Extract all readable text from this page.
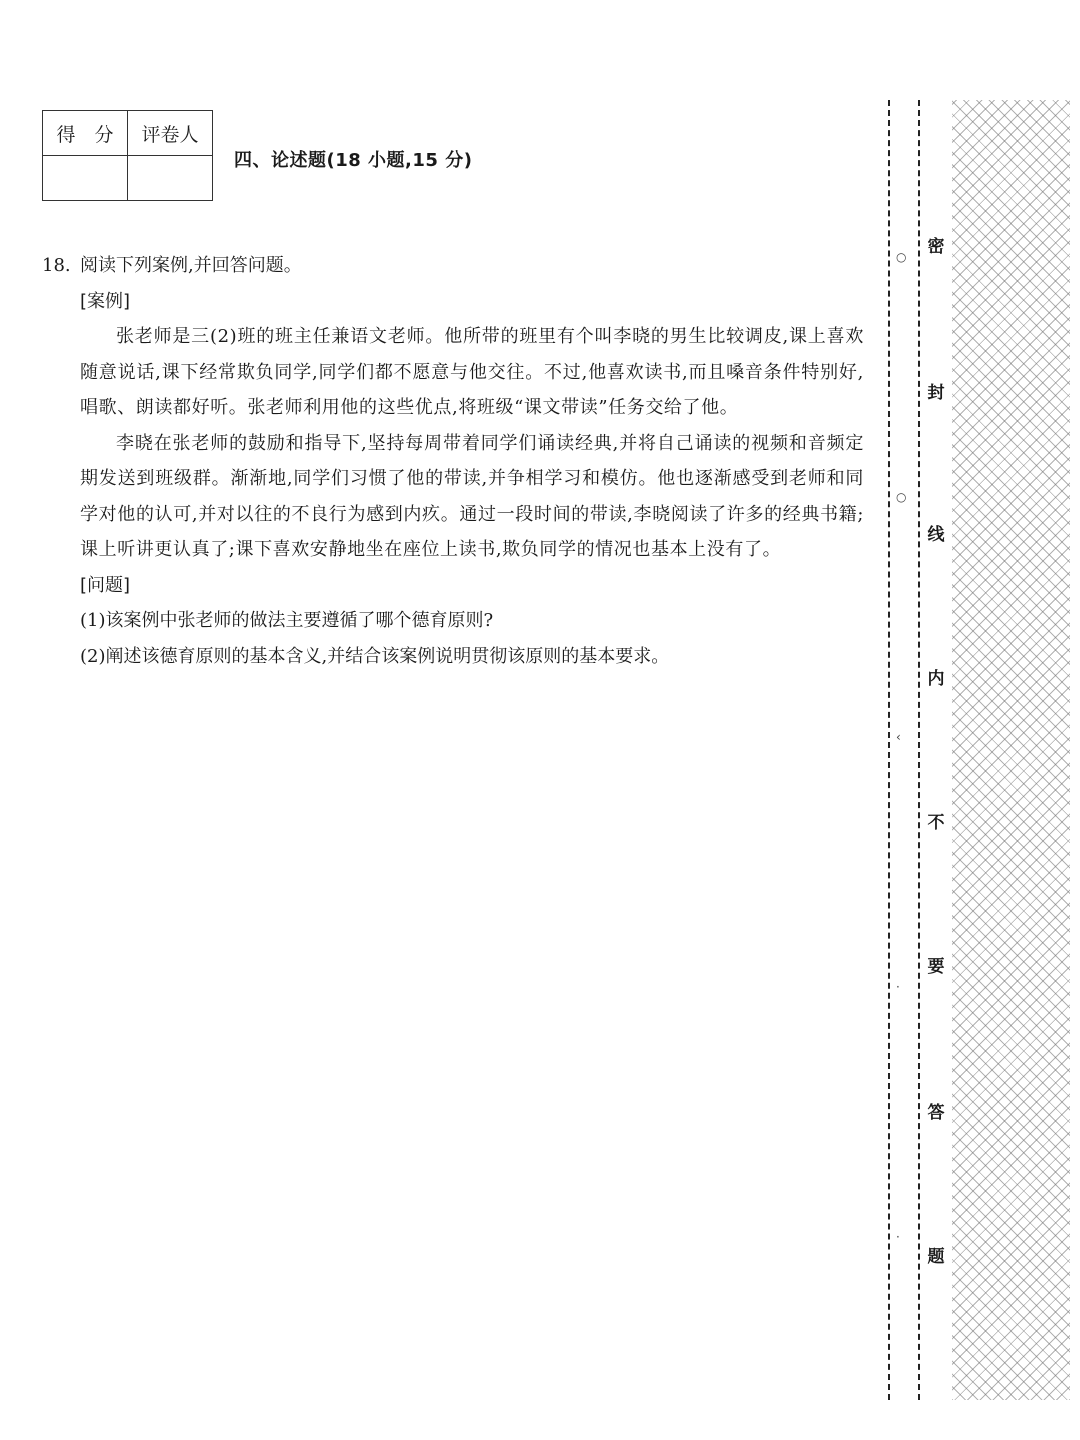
得　分	评卷人

四、论述题(18 小题,15 分)
18. 阅读下列案例,并回答问题。
[案例]

张老师是三(2)班的班主任兼语文老师。他所带的班里有个叫李晓的男生比较调皮,课上喜欢随意说话,课下经常欺负同学,同学们都不愿意与他交往。不过,他喜欢读书,而且嗓音条件特别好,唱歌、朗读都好听。张老师利用他的这些优点,将班级“课文带读”任务交给了他。

李晓在张老师的鼓励和指导下,坚持每周带着同学们诵读经典,并将自己诵读的视频和音频定期发送到班级群。渐渐地,同学们习惯了他的带读,并争相学习和模仿。他也逐渐感受到老师和同学对他的认可,并对以往的不良行为感到内疚。通过一段时间的带读,李晓阅读了许多的经典书籍;课上听讲更认真了;课下喜欢安静地坐在座位上读书,欺负同学的情况也基本上没有了。

[问题]

(1)该案例中张老师的做法主要遵循了哪个德育原则?

(2)阐述该德育原则的基本含义,并结合该案例说明贯彻该原则的基本要求。

○
○
‹
·
·
密
封
线
内
不
要
答
题
